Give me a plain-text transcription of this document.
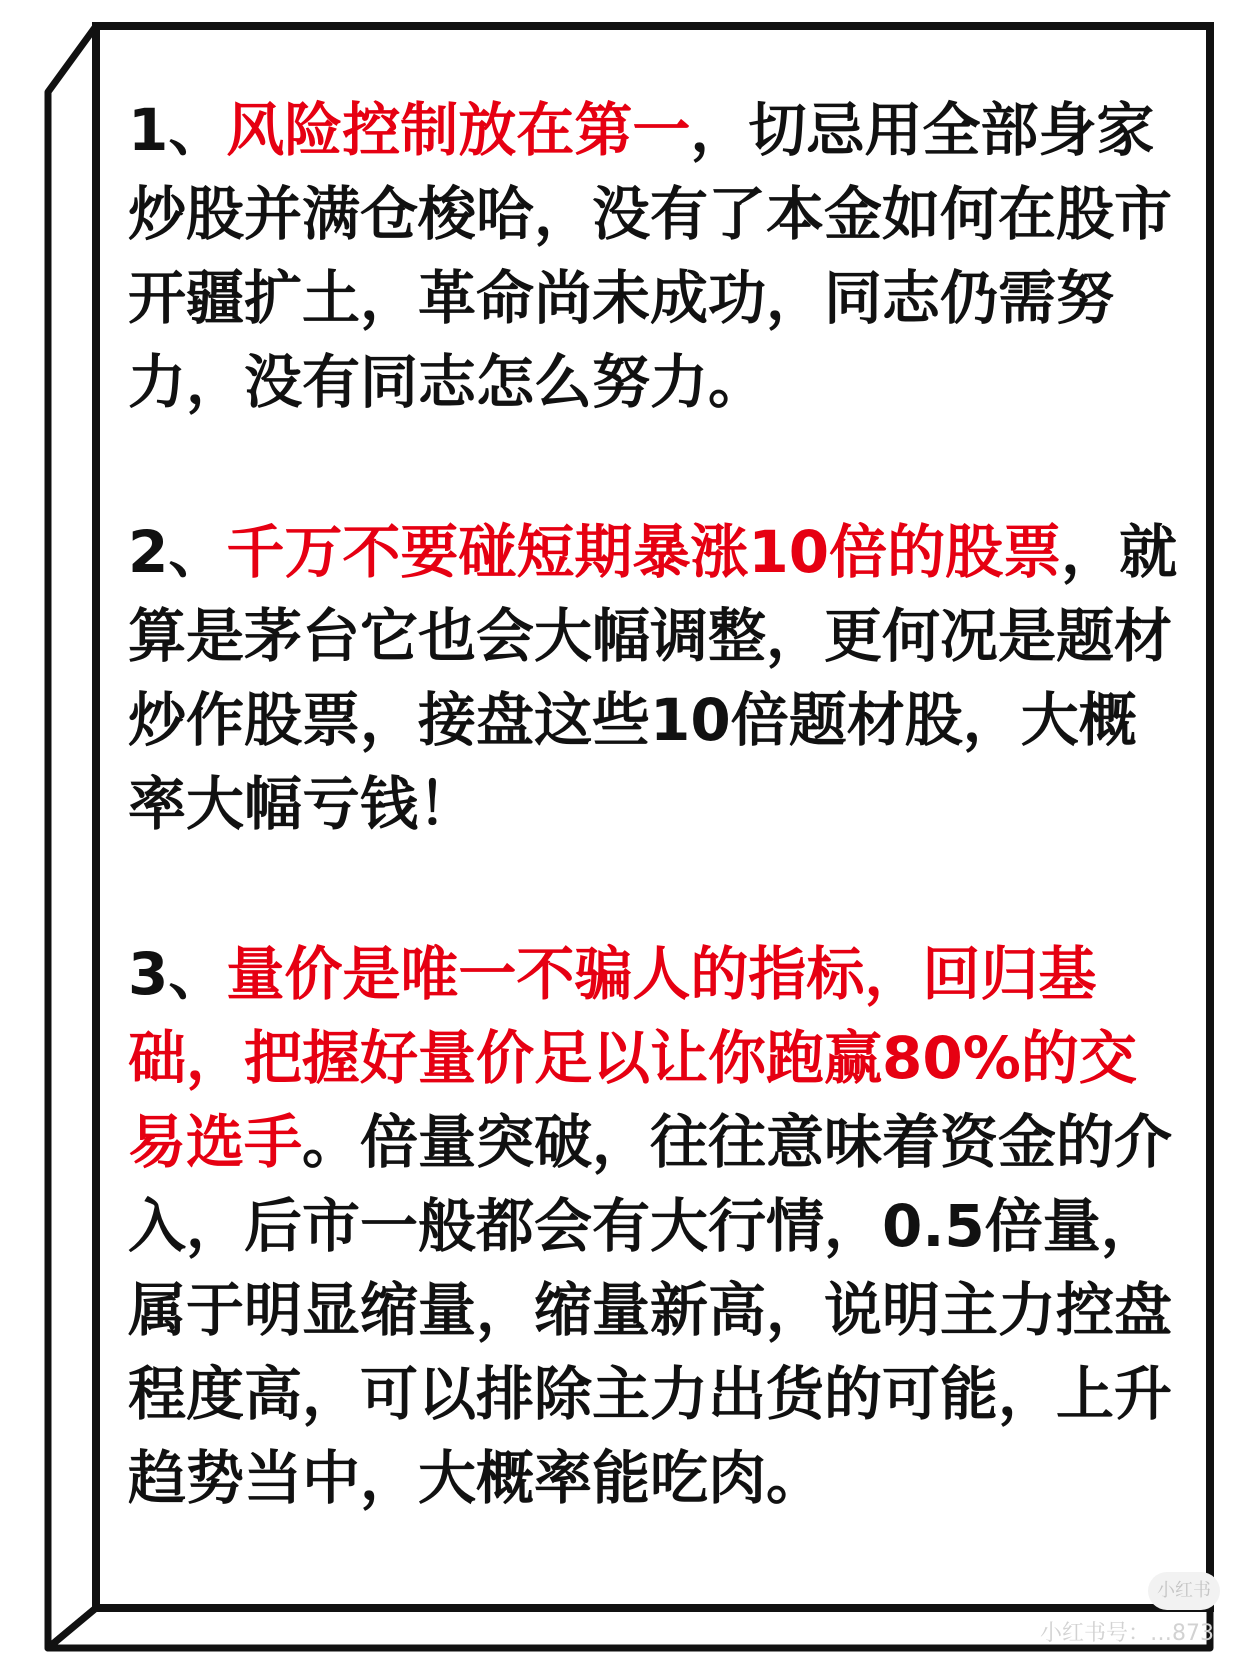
1、风险控制放在第一，切忌用全部身家炒股并满仓梭哈，没有了本金如何在股市开疆扩土，革命尚未成功，同志仍需努力，没有同志怎么努力。

2、千万不要碰短期暴涨10倍的股票，就算是茅台它也会大幅调整，更何况是题材炒作股票，接盘这些10倍题材股，大概率大幅亏钱！

3、量价是唯一不骗人的指标，回归基础，把握好量价足以让你跑赢80%的交易选手。倍量突破，往往意味着资金的介入，后市一般都会有大行情，0.5倍量，属于明显缩量，缩量新高，说明主力控盘程度高，可以排除主力出货的可能，上升趋势当中，大概率能吃肉。

小红书
小红书号：…873
